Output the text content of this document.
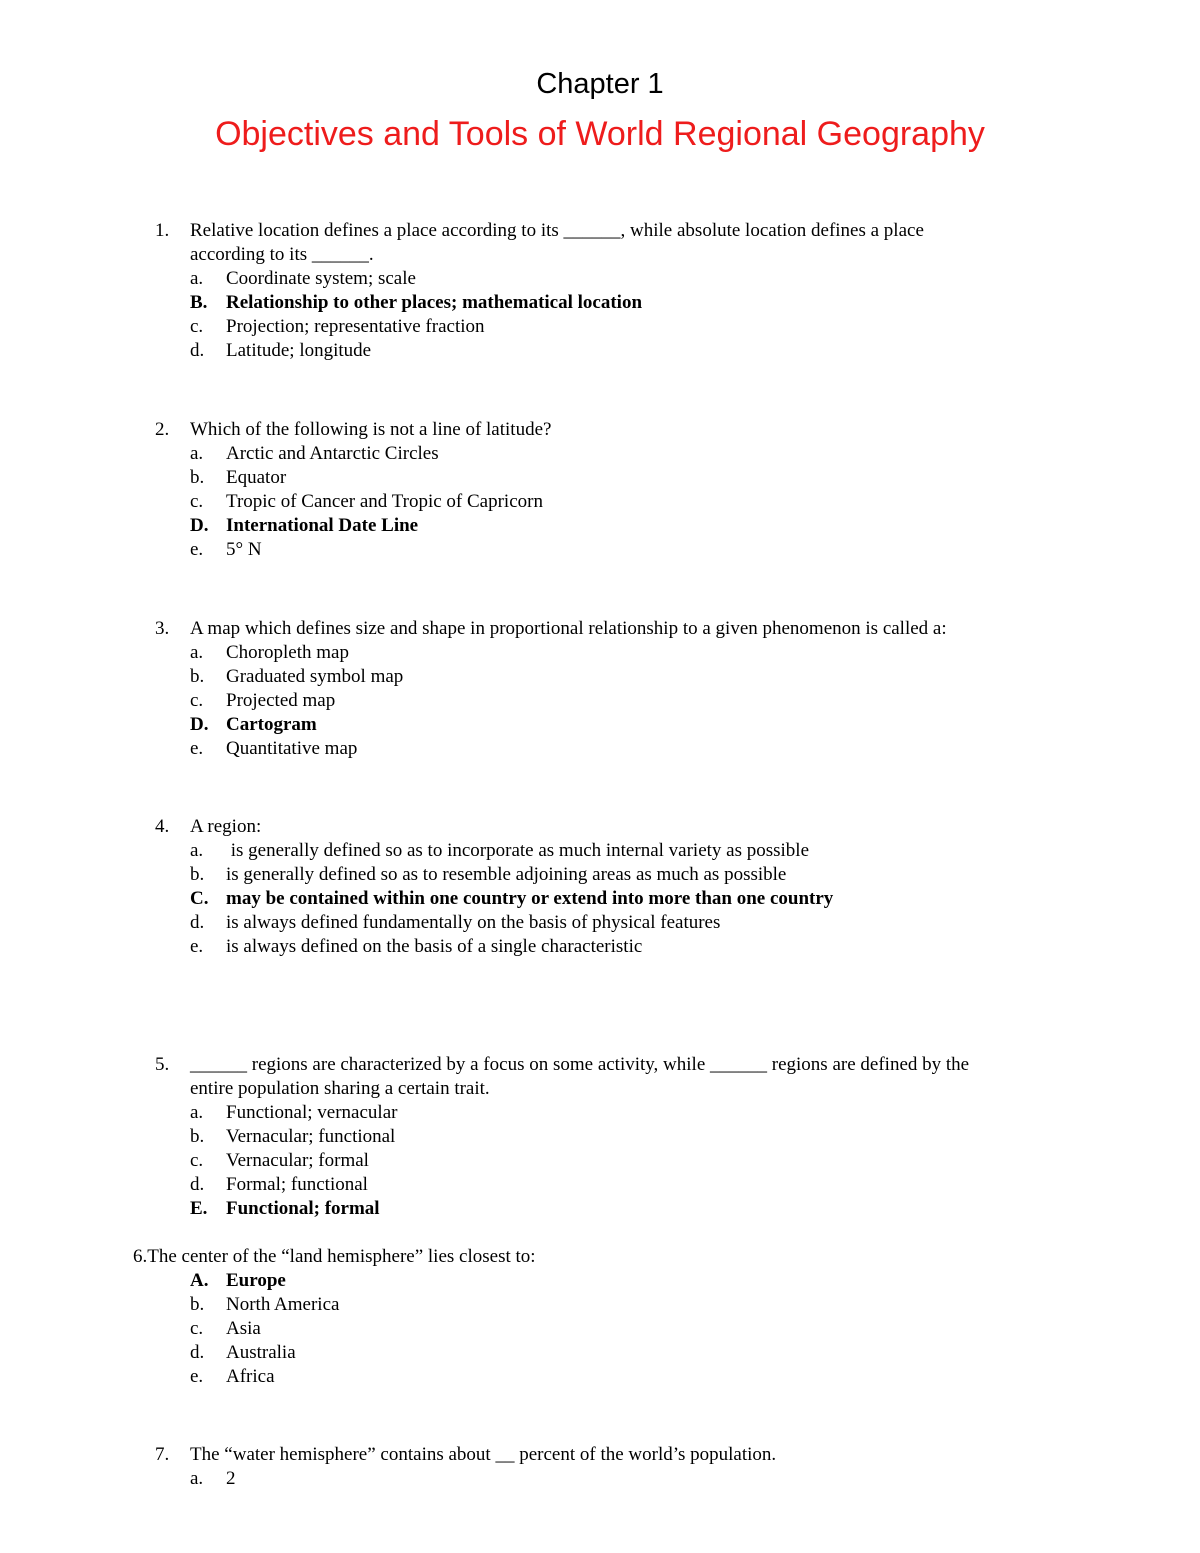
Chapter 1
Objectives and Tools of World Regional Geography
1. Relative location defines a place according to its ______, while absolute location defines a place
according to its ______.
a. Coordinate system; scale
B. Relationship to other places; mathematical location
c. Projection; representative fraction
d. Latitude; longitude
2. Which of the following is not a line of latitude?
a. Arctic and Antarctic Circles
b. Equator
c. Tropic of Cancer and Tropic of Capricorn
D. International Date Line
e. 5° N
3. A map which defines size and shape in proportional relationship to a given phenomenon is called a:
a. Choropleth map
b. Graduated symbol map
c. Projected map
D. Cartogram
e. Quantitative map
4. A region:
a. is generally defined so as to incorporate as much internal variety as possible
b. is generally defined so as to resemble adjoining areas as much as possible
C. may be contained within one country or extend into more than one country
d. is always defined fundamentally on the basis of physical features
e. is always defined on the basis of a single characteristic
5. ______ regions are characterized by a focus on some activity, while ______ regions are defined by the
entire population sharing a certain trait.
a. Functional; vernacular
b. Vernacular; functional
c. Vernacular; formal
d. Formal; functional
E. Functional; formal
6.The center of the “land hemisphere” lies closest to:
A. Europe
b. North America
c. Asia
d. Australia
e. Africa
7. The “water hemisphere” contains about __ percent of the world’s population.
a. 2
